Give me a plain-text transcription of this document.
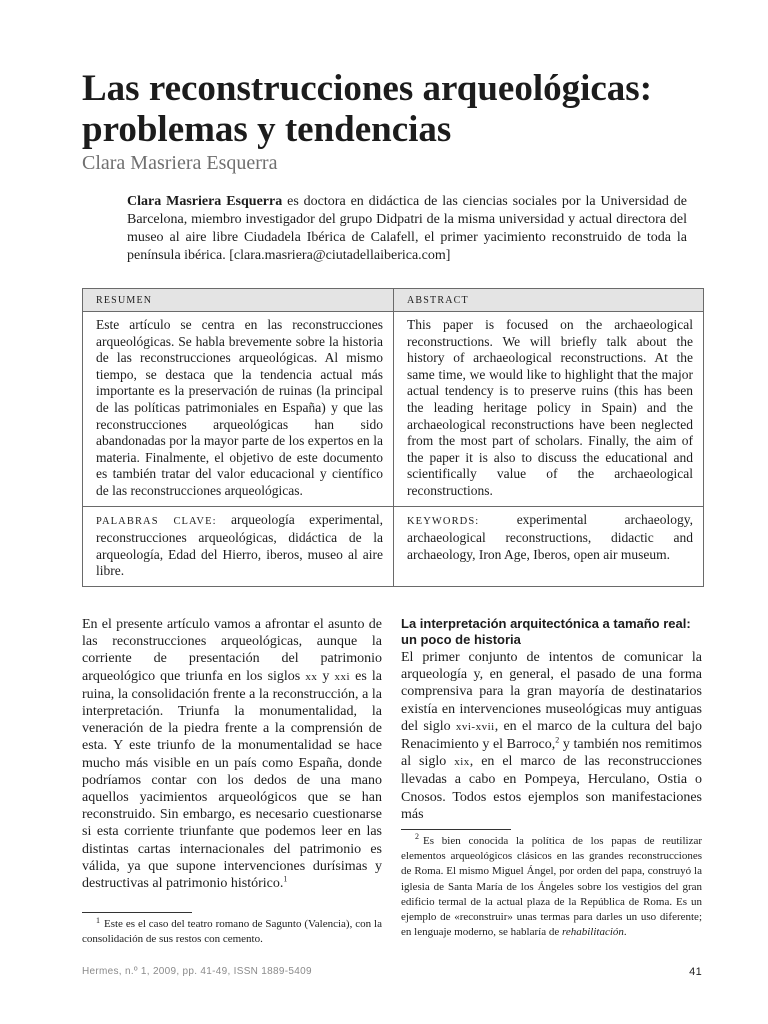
Las reconstrucciones arqueológicas: problemas y tendencias
Clara Masriera Esquerra
Clara Masriera Esquerra es doctora en didáctica de las ciencias sociales por la Universidad de Barcelona, miembro investigador del grupo Didpatri de la misma universidad y actual directora del museo al aire libre Ciudadela Ibérica de Calafell, el primer yacimiento reconstruido de toda la península ibérica. [clara.masriera@ciutadellaiberica.com]
RESUMEN	ABSTRACT
Este artículo se centra en las reconstrucciones arqueológicas. Se habla brevemente sobre la historia de las reconstrucciones arqueológicas. Al mismo tiempo, se destaca que la tendencia actual más importante es la preservación de ruinas (la principal de las políticas patrimoniales en España) y que las reconstrucciones arqueológicas han sido abandonadas por la mayor parte de los expertos en la materia. Finalmente, el objetivo de este documento es también tratar del valor educacional y científico de las reconstrucciones arqueológicas.
This paper is focused on the archaeological reconstructions. We will briefly talk about the history of archaeological reconstructions. At the same time, we would like to highlight that the major actual tendency is to preserve ruins (this has been the leading heritage policy in Spain) and the archaeological reconstructions have been neglected from the most part of scholars. Finally, the aim of the paper it is also to discuss the educational and scientifically value of the archaeological reconstructions.
PALABRAS CLAVE: arqueología experimental, reconstrucciones arqueológicas, didáctica de la arqueología, Edad del Hierro, iberos, museo al aire libre.
KEYWORDS: experimental archaeology, archaeological reconstructions, didactic and archaeology, Iron Age, Iberos, open air museum.

En el presente artículo vamos a afrontar el asunto de las reconstrucciones arqueológicas, aunque la corriente de presentación del patrimonio arqueológico que triunfa en los siglos xx y xxi es la ruina, la consolidación frente a la reconstrucción, a la interpretación. Triunfa la monumentalidad, la veneración de la piedra frente a la comprensión de esta. Y este triunfo de la monumentalidad se hace mucho más visible en un país como España, donde podríamos contar con los dedos de una mano aquellos yacimientos arqueológicos que se han reconstruido. Sin embargo, es necesario cuestionarse si esta corriente triunfante que podemos leer en las distintas cartas internacionales del patrimonio es válida, ya que supone intervenciones durísimas y destructivas al patrimonio histórico.$^1$

$^1$ Este es el caso del teatro romano de Sagunto (Valencia), con la consolidación de sus restos con cemento.

La interpretación arquitectónica a tamaño real: un poco de historia

El primer conjunto de intentos de comunicar la arqueología y, en general, el pasado de una forma comprensiva para la gran mayoría de destinatarios existía en intervenciones museológicas muy antiguas del siglo xvi-xvii, en el marco de la cultura del bajo Renacimiento y el Barroco,$^2$ y también nos remitimos al siglo xix, en el marco de las reconstrucciones llevadas a cabo en Pompeya, Herculano, Ostia o Cnosos. Todos estos ejemplos son manifestaciones más

$^2$ Es bien conocida la política de los papas de reutilizar elementos arqueológicos clásicos en las grandes reconstrucciones de Roma. El mismo Miguel Ángel, por orden del papa, construyó la iglesia de Santa María de los Ángeles sobre los vestigios del gran edificio termal de la actual plaza de la República de Roma. Es un ejemplo de «reconstruir» unas termas para darles un uso diferente; en lenguaje moderno, se hablaría de rehabilitación.

Hermes, n.º 1, 2009, pp. 41-49, ISSN 1889-5409	41
